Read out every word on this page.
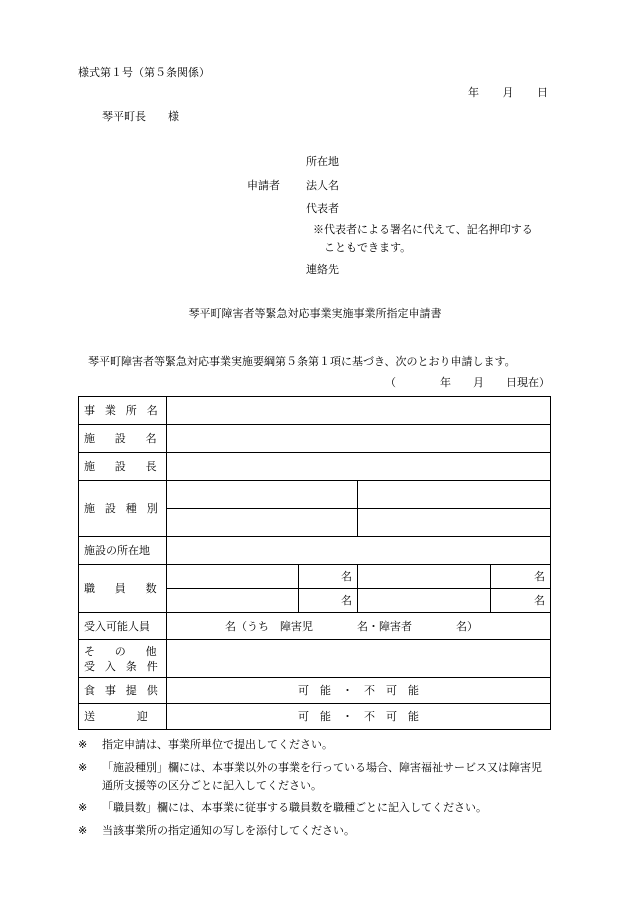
様式第１号（第５条関係）
年　　月　　日
琴平町長　　様
申請者
所在地
法人名
代表者
※代表者による署名に代えて、記名押印する
こともできます。
連絡先
琴平町障害者等緊急対応事業実施事業所指定申請書
琴平町障害者等緊急対応事業実施要綱第５条第１項に基づき、次のとおり申請します。
（　　　　年　　月　　日現在）
事業所名				
施設名				
施設長				
施設種別				

施設の所在地				
職員数		名		名
		名		名
受入可能人員	名（うち　障害児　　　　名・障害者　　　　名）			

その他
受入条件				

食事提供	可　能　・　不　可　能			
送迎	可　能　・　不　可　能			
※ 指定申請は、事業所単位で提出してください。
※ 「施設種別」欄には、本事業以外の事業を行っている場合、障害福祉サービス又は障害児通所支援等の区分ごとに記入してください。
※ 「職員数」欄には、本事業に従事する職員数を職種ごとに記入してください。
※ 当該事業所の指定通知の写しを添付してください。
